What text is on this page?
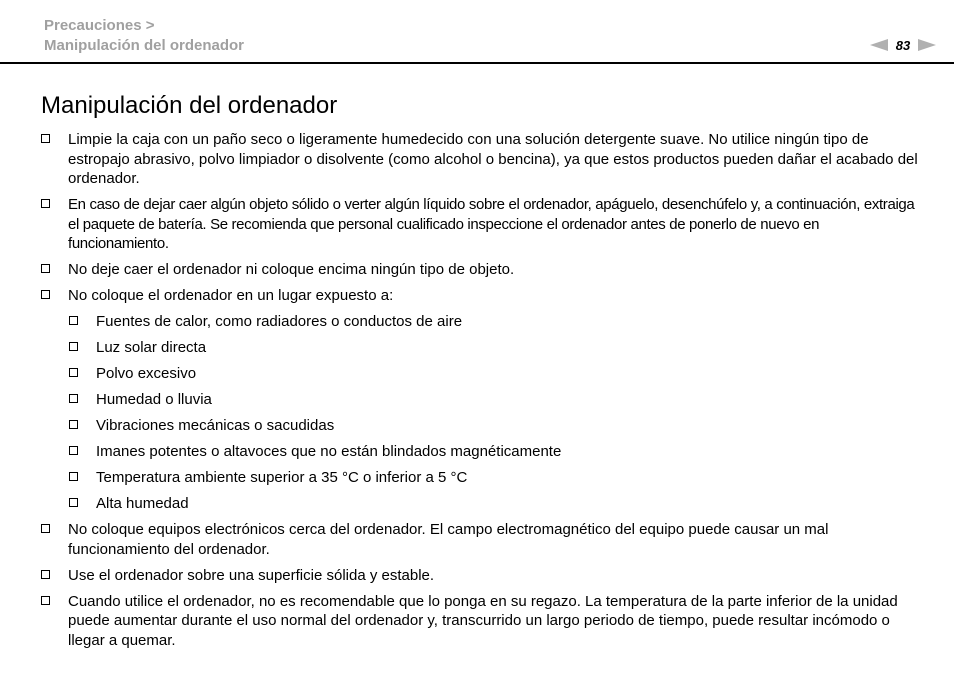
Precauciones >
Manipulación del ordenador	83
Manipulación del ordenador
Limpie la caja con un paño seco o ligeramente humedecido con una solución detergente suave. No utilice ningún tipo de estropajo abrasivo, polvo limpiador o disolvente (como alcohol o bencina), ya que estos productos pueden dañar el acabado del ordenador.
En caso de dejar caer algún objeto sólido o verter algún líquido sobre el ordenador, apáguelo, desenchúfelo y, a continuación, extraiga el paquete de batería. Se recomienda que personal cualificado inspeccione el ordenador antes de ponerlo de nuevo en funcionamiento.
No deje caer el ordenador ni coloque encima ningún tipo de objeto.
No coloque el ordenador en un lugar expuesto a:
Fuentes de calor, como radiadores o conductos de aire
Luz solar directa
Polvo excesivo
Humedad o lluvia
Vibraciones mecánicas o sacudidas
Imanes potentes o altavoces que no están blindados magnéticamente
Temperatura ambiente superior a 35 °C o inferior a 5 °C
Alta humedad
No coloque equipos electrónicos cerca del ordenador. El campo electromagnético del equipo puede causar un mal funcionamiento del ordenador.
Use el ordenador sobre una superficie sólida y estable.
Cuando utilice el ordenador, no es recomendable que lo ponga en su regazo. La temperatura de la parte inferior de la unidad puede aumentar durante el uso normal del ordenador y, transcurrido un largo periodo de tiempo, puede resultar incómodo o llegar a quemar.
